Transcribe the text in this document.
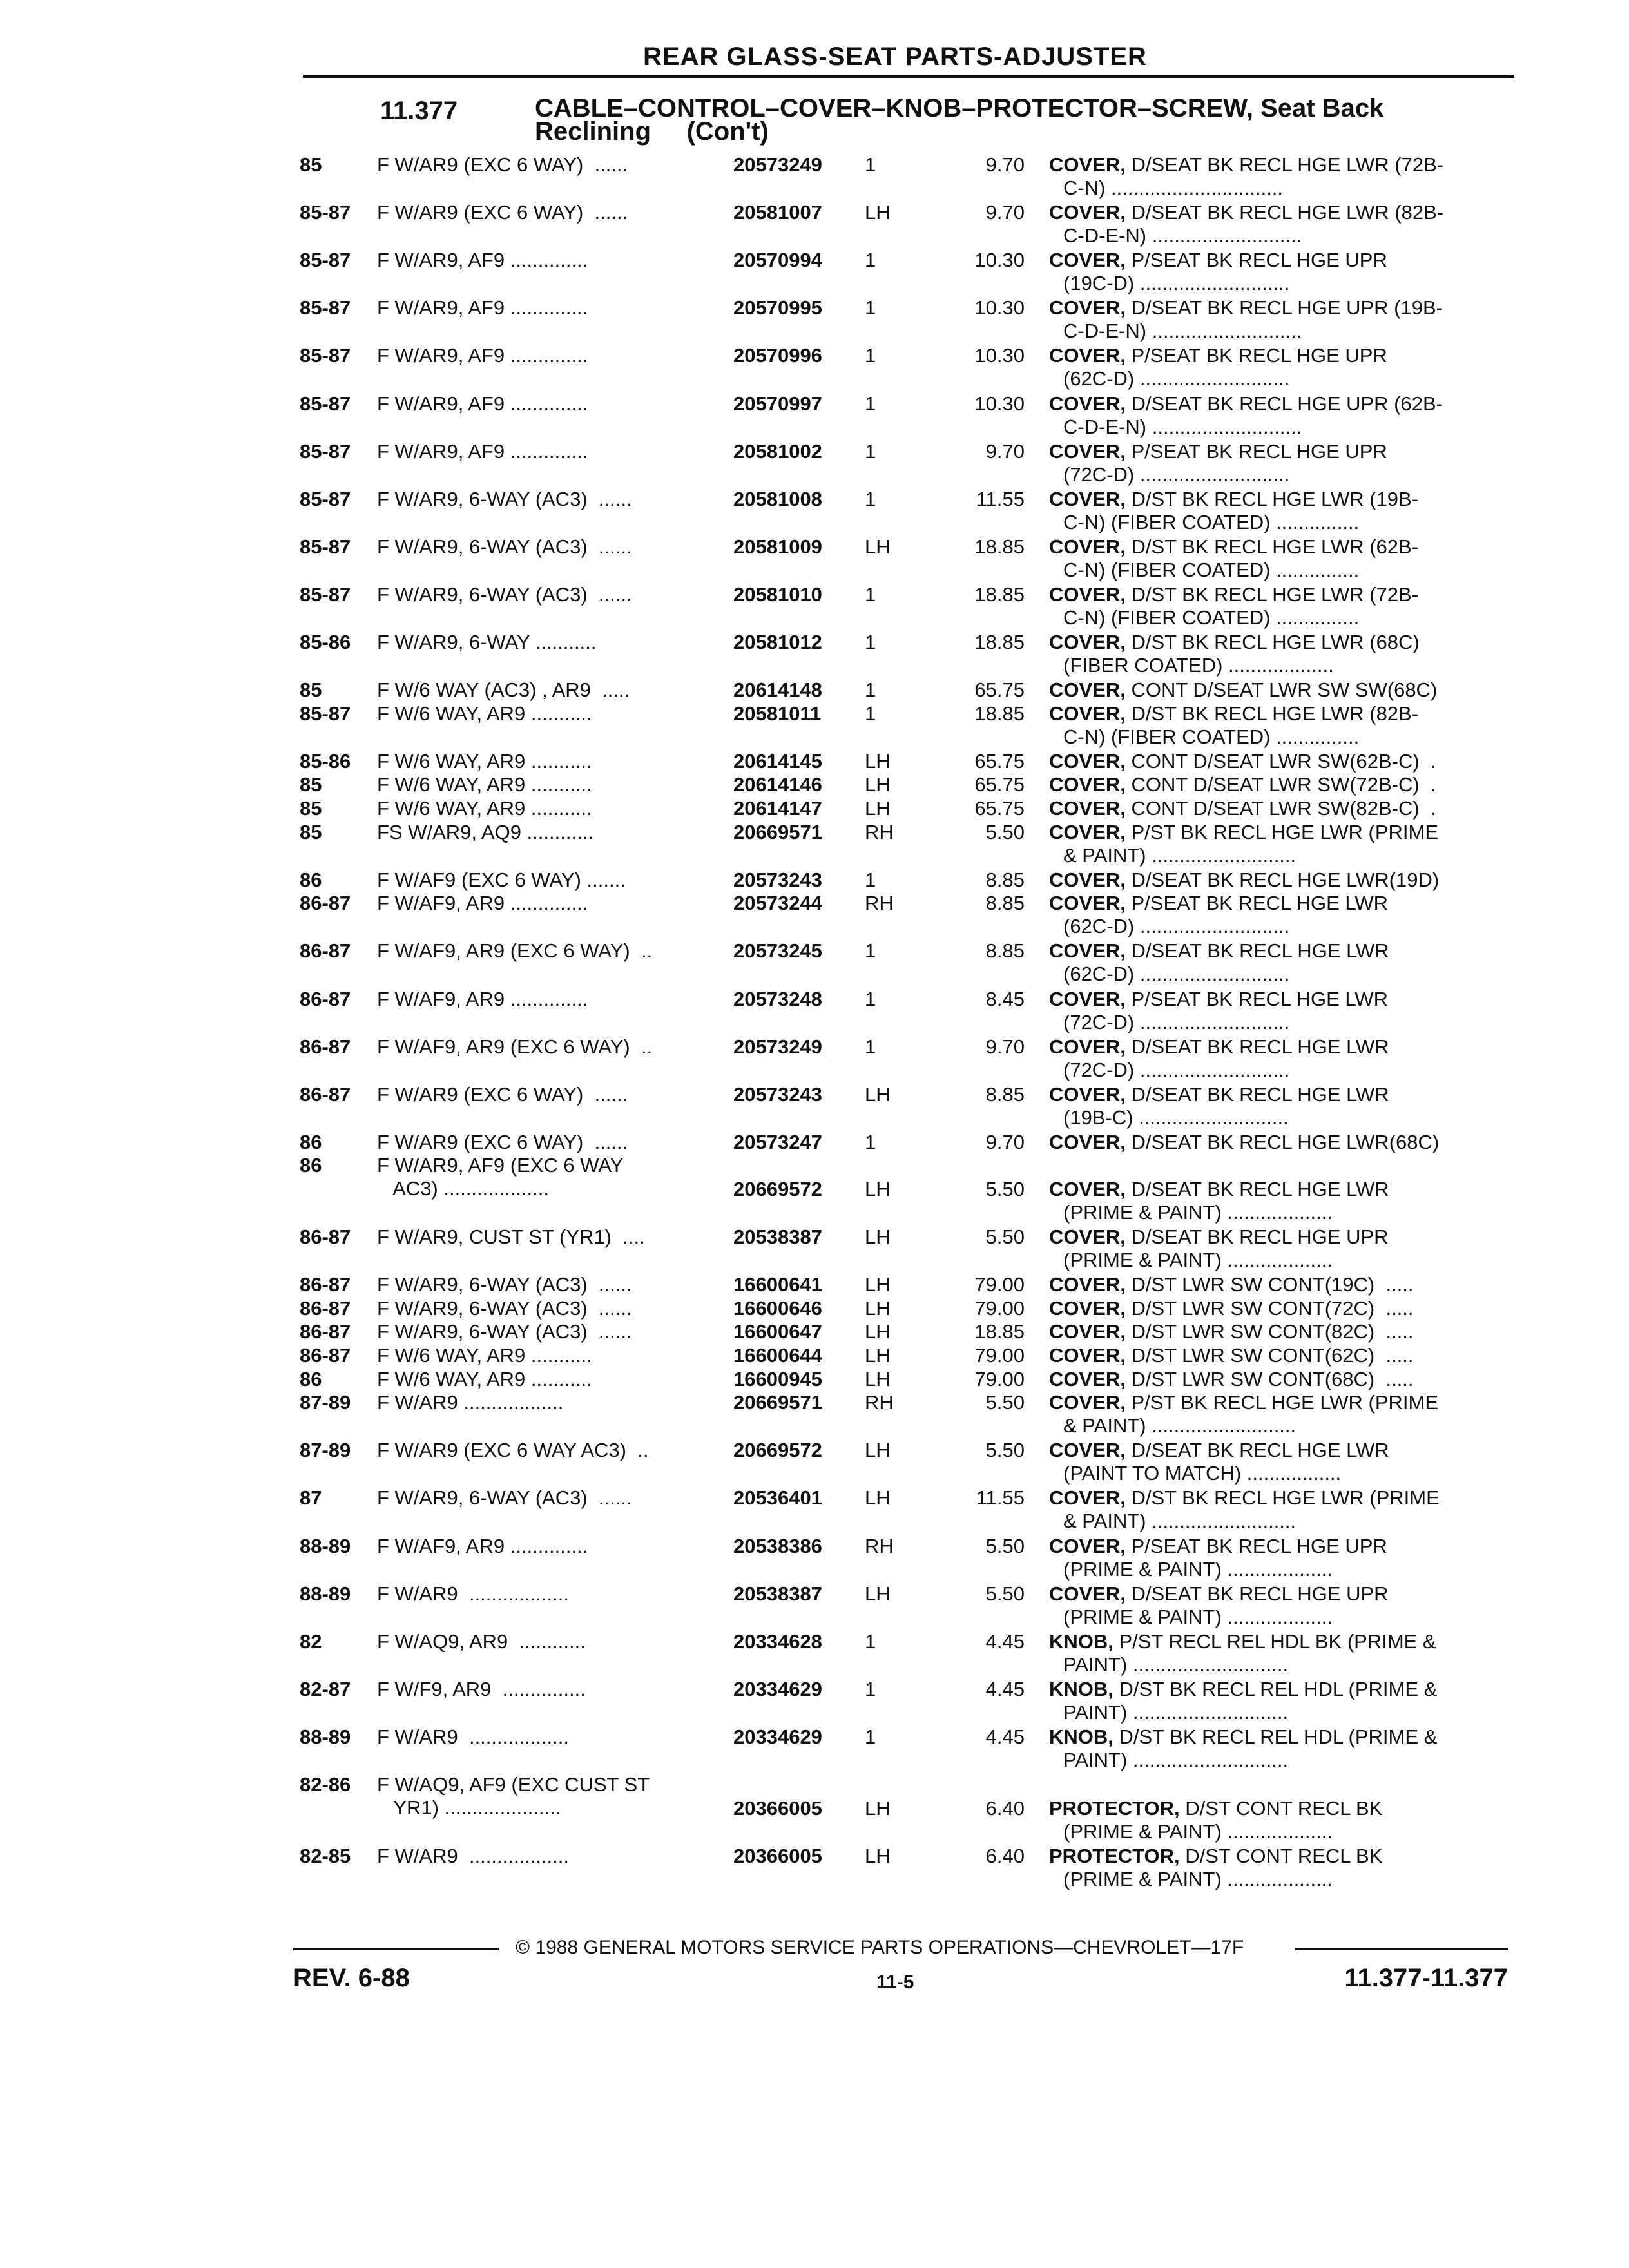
REAR GLASS-SEAT PARTS-ADJUSTER
11.377	CABLE–CONTROL–COVER–KNOB–PROTECTOR–SCREW, Seat Back
Reclining     (Con't)
85	F W/AR9 (EXC 6 WAY)  ......	20573249 1	9.70 COVER, D/SEAT BK RECL HGE LWR (72B-
C-N) ...............................
85-87 F W/AR9 (EXC 6 WAY)  ......	20581007 LH	9.70 COVER, D/SEAT BK RECL HGE LWR (82B-
C-D-E-N) ...........................
85-87 F W/AR9, AF9 ..............	20570994 1	10.30 COVER, P/SEAT BK RECL HGE UPR
(19C-D) ...........................
85-87 F W/AR9, AF9 ..............	20570995 1	10.30 COVER, D/SEAT BK RECL HGE UPR (19B-
C-D-E-N) ...........................
85-87 F W/AR9, AF9 ..............	20570996 1	10.30 COVER, P/SEAT BK RECL HGE UPR
(62C-D) ...........................
85-87 F W/AR9, AF9 ..............	20570997 1	10.30 COVER, D/SEAT BK RECL HGE UPR (62B-
C-D-E-N) ...........................
85-87 F W/AR9, AF9 ..............	20581002 1	9.70 COVER, P/SEAT BK RECL HGE UPR
(72C-D) ...........................
85-87 F W/AR9, 6-WAY (AC3)  ......	20581008 1	11.55 COVER, D/ST BK RECL HGE LWR (19B-
C-N) (FIBER COATED) ...............
85-87 F W/AR9, 6-WAY (AC3)  ......	20581009 LH	18.85 COVER, D/ST BK RECL HGE LWR (62B-
C-N) (FIBER COATED) ...............
85-87 F W/AR9, 6-WAY (AC3)  ......	20581010 1	18.85 COVER, D/ST BK RECL HGE LWR (72B-
C-N) (FIBER COATED) ...............
85-86 F W/AR9, 6-WAY ...........	20581012 1	18.85 COVER, D/ST BK RECL HGE LWR (68C)
(FIBER COATED) ...................
85	F W/6 WAY (AC3) , AR9  .....	20614148 1	65.75 COVER, CONT D/SEAT LWR SW SW(68C)
85-87 F W/6 WAY, AR9 ...........	20581011 1	18.85 COVER, D/ST BK RECL HGE LWR (82B-
C-N) (FIBER COATED) ...............
85-86 F W/6 WAY, AR9 ...........	20614145 LH	65.75 COVER, CONT D/SEAT LWR SW(62B-C)  .
85	F W/6 WAY, AR9 ...........	20614146 LH	65.75 COVER, CONT D/SEAT LWR SW(72B-C)  .
85	F W/6 WAY, AR9 ...........	20614147 LH	65.75 COVER, CONT D/SEAT LWR SW(82B-C)  .
85	FS W/AR9, AQ9 ............	20669571 RH	5.50 COVER, P/ST BK RECL HGE LWR (PRIME
& PAINT) ..........................
86	F W/AF9 (EXC 6 WAY) .......	20573243 1	8.85 COVER, D/SEAT BK RECL HGE LWR(19D)
86-87 F W/AF9, AR9 ..............	20573244 RH	8.85 COVER, P/SEAT BK RECL HGE LWR
(62C-D) ...........................
86-87 F W/AF9, AR9 (EXC 6 WAY)  ..	20573245 1	8.85 COVER, D/SEAT BK RECL HGE LWR
(62C-D) ...........................
86-87 F W/AF9, AR9 ..............	20573248 1	8.45 COVER, P/SEAT BK RECL HGE LWR
(72C-D) ...........................
86-87 F W/AF9, AR9 (EXC 6 WAY)  ..	20573249 1	9.70 COVER, D/SEAT BK RECL HGE LWR
(72C-D) ...........................
86-87 F W/AR9 (EXC 6 WAY)  ......	20573243 LH	8.85 COVER, D/SEAT BK RECL HGE LWR
(19B-C) ...........................
86	F W/AR9 (EXC 6 WAY)  ......	20573247 1	9.70 COVER, D/SEAT BK RECL HGE LWR(68C)
86	F W/AR9, AF9 (EXC 6 WAY
AC3) ...................	20669572 LH	5.50 COVER, D/SEAT BK RECL HGE LWR
(PRIME & PAINT) ...................
86-87 F W/AR9, CUST ST (YR1)  ....	20538387 LH	5.50 COVER, D/SEAT BK RECL HGE UPR
(PRIME & PAINT) ...................
86-87 F W/AR9, 6-WAY (AC3)  ......	16600641 LH	79.00 COVER, D/ST LWR SW CONT(19C)  .....
86-87 F W/AR9, 6-WAY (AC3)  ......	16600646 LH	79.00 COVER, D/ST LWR SW CONT(72C)  .....
86-87 F W/AR9, 6-WAY (AC3)  ......	16600647 LH	18.85 COVER, D/ST LWR SW CONT(82C)  .....
86-87 F W/6 WAY, AR9 ...........	16600644 LH	79.00 COVER, D/ST LWR SW CONT(62C)  .....
86	F W/6 WAY, AR9 ...........	16600945 LH	79.00 COVER, D/ST LWR SW CONT(68C)  .....
87-89 F W/AR9 ..................	20669571 RH	5.50 COVER, P/ST BK RECL HGE LWR (PRIME
& PAINT) ..........................
87-89 F W/AR9 (EXC 6 WAY AC3)  ..	20669572 LH	5.50 COVER, D/SEAT BK RECL HGE LWR
(PAINT TO MATCH) .................
87	F W/AR9, 6-WAY (AC3)  ......	20536401 LH	11.55 COVER, D/ST BK RECL HGE LWR (PRIME
& PAINT) ..........................
88-89 F W/AF9, AR9 ..............	20538386 RH	5.50 COVER, P/SEAT BK RECL HGE UPR
(PRIME & PAINT) ...................
88-89 F W/AR9  ..................	20538387 LH	5.50 COVER, D/SEAT BK RECL HGE UPR
(PRIME & PAINT) ...................
82	F W/AQ9, AR9  ............	20334628 1	4.45 KNOB, P/ST RECL REL HDL BK (PRIME &
PAINT) ............................
82-87 F W/F9, AR9  ...............	20334629 1	4.45 KNOB, D/ST BK RECL REL HDL (PRIME &
PAINT) ............................
88-89 F W/AR9  ..................	20334629 1	4.45 KNOB, D/ST BK RECL REL HDL (PRIME &
PAINT) ............................
82-86 F W/AQ9, AF9 (EXC CUST ST
YR1) .....................	20366005 LH	6.40 PROTECTOR, D/ST CONT RECL BK
(PRIME & PAINT) ...................
82-85 F W/AR9  ..................	20366005 LH	6.40 PROTECTOR, D/ST CONT RECL BK
(PRIME & PAINT) ...................
© 1988 GENERAL MOTORS SERVICE PARTS OPERATIONS—CHEVROLET—17F
REV. 6-88	11-5	11.377-11.377
